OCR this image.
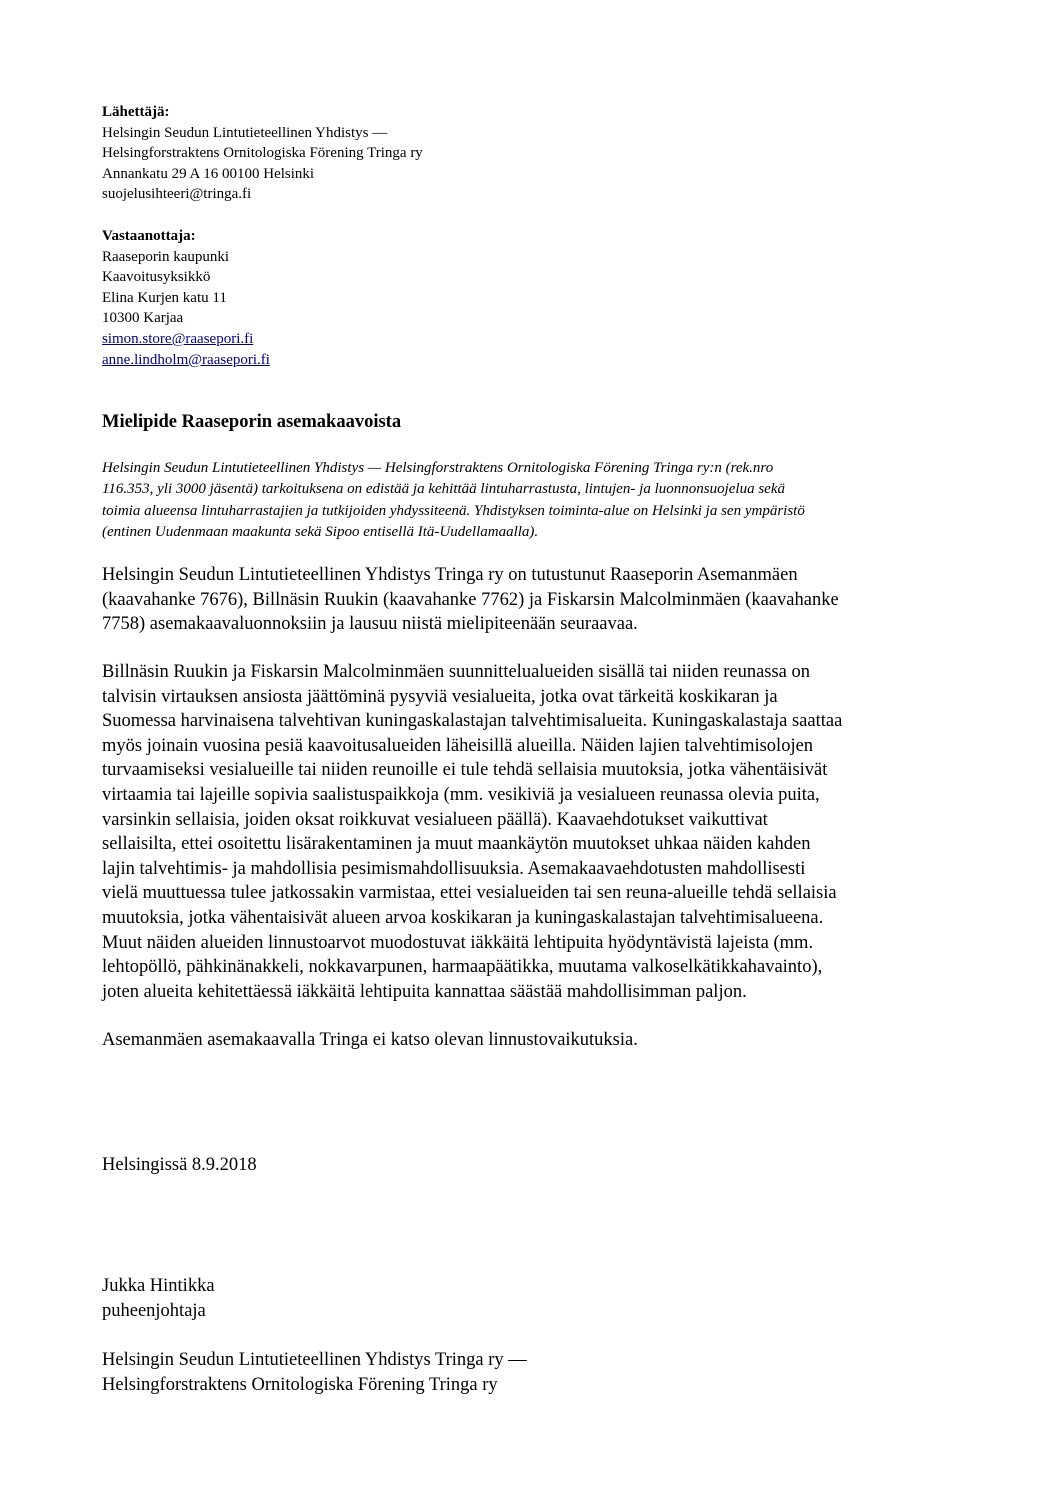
Lähettäjä:
Helsingin Seudun Lintutieteellinen Yhdistys —
Helsingforstraktens Ornitologiska Förening Tringa ry
Annankatu 29 A 16 00100 Helsinki
suojelusihteeri@tringa.fi
Vastaanottaja:
Raaseporin kaupunki
Kaavoitusyksikkö
Elina Kurjen katu 11
10300 Karjaa
simon.store@raasepori.fi
anne.lindholm@raasepori.fi
Mielipide Raaseporin asemakaavoista
Helsingin Seudun Lintutieteellinen Yhdistys — Helsingforstraktens Ornitologiska Förening Tringa ry:n (rek.nro
116.353, yli 3000 jäsentä) tarkoituksena on edistää ja kehittää lintuharrastusta, lintujen- ja luonnonsuojelua sekä
toimia alueensa lintuharrastajien ja tutkijoiden yhdyssiteenä. Yhdistyksen toiminta-alue on Helsinki ja sen ympäristö
(entinen Uudenmaan maakunta sekä Sipoo entisellä Itä-Uudellamaalla).
Helsingin Seudun Lintutieteellinen Yhdistys Tringa ry on tutustunut Raaseporin Asemanmäen
(kaavahanke 7676), Billnäsin Ruukin (kaavahanke 7762) ja Fiskarsin Malcolminmäen (kaavahanke
7758) asemakaavaluonnoksiin ja lausuu niistä mielipiteenään seuraavaa.
Billnäsin Ruukin ja Fiskarsin Malcolminmäen suunnittelualueiden sisällä tai niiden reunassa on
talvisin virtauksen ansiosta jäättöminä pysyviä vesialueita, jotka ovat tärkeitä koskikaran ja
Suomessa harvinaisena talvehtivan kuningaskalastajan talvehtimisalueita. Kuningaskalastaja saattaa
myös joinain vuosina pesiä kaavoitusalueiden läheisillä alueilla. Näiden lajien talvehtimisolojen
turvaamiseksi vesialueille tai niiden reunoille ei tule tehdä sellaisia muutoksia, jotka vähentäisivät
virtaamia tai lajeille sopivia saalistuspaikkoja (mm. vesikiviä ja vesialueen reunassa olevia puita,
varsinkin sellaisia, joiden oksat roikkuvat vesialueen päällä). Kaavaehdotukset vaikuttivat
sellaisilta, ettei osoitettu lisärakentaminen ja muut maankäytön muutokset uhkaa näiden kahden
lajin talvehtimis- ja mahdollisia pesimismahdollisuuksia. Asemakaavaehdotusten mahdollisesti
vielä muuttuessa tulee jatkossakin varmistaa, ettei vesialueiden tai sen reuna-alueille tehdä sellaisia
muutoksia, jotka vähentaisivät alueen arvoa koskikaran ja kuningaskalastajan talvehtimisalueena.
Muut näiden alueiden linnustoarvot muodostuvat iäkkäitä lehtipuita hyödyntävistä lajeista (mm.
lehtopöllö, pähkinänakkeli, nokkavarpunen, harmaapäätikka, muutama valkoselkätikkahavainto),
joten alueita kehitettäessä iäkkäitä lehtipuita kannattaa säästää mahdollisimman paljon.
Asemanmäen asemakaavalla Tringa ei katso olevan linnustovaikutuksia.
Helsingissä 8.9.2018
Jukka Hintikka
puheenjohtaja
Helsingin Seudun Lintutieteellinen Yhdistys Tringa ry —
Helsingforstraktens Ornitologiska Förening Tringa ry
